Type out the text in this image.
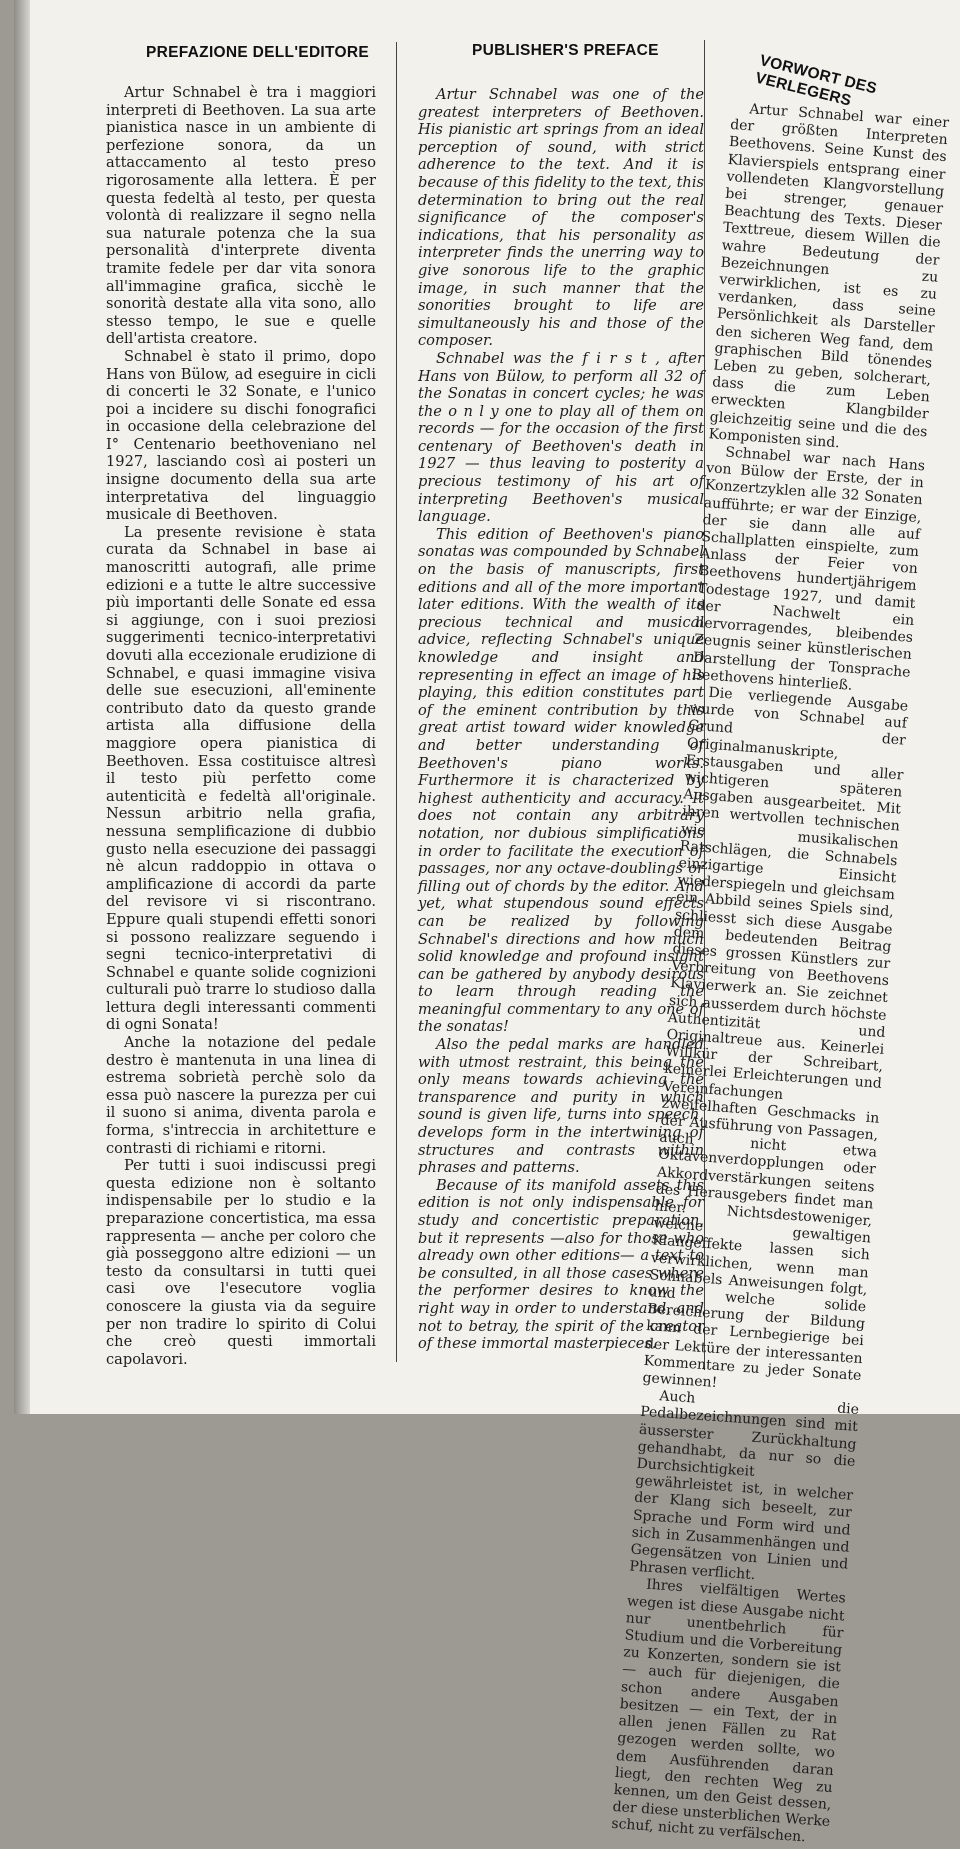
PREFAZIONE DELL'EDITORE	PUBLISHER'S PREFACE
VORWORT DES VERLEGERS

Artur Schnabel è tra i maggiori interpreti di Beethoven. La sua arte pianistica nasce in un ambiente di perfezione sonora, da un attaccamento al testo preso rigorosamente alla lettera. È per questa fedeltà al testo, per questa volontà di realizzare il segno nella sua naturale potenza che la sua personalità d'interprete diventa tramite fedele per dar vita sonora all'immagine grafica, sicchè le sonorità destate alla vita sono, allo stesso tempo, le sue e quelle dell'artista creatore.

Schnabel è stato il primo, dopo Hans von Bülow, ad eseguire in cicli di concerti le 32 Sonate, e l'unico poi a incidere su dischi fonografici in occasione della celebrazione del I° Centenario beethoveniano nel 1927, lasciando così ai posteri un insigne documento della sua arte interpretativa del linguaggio musicale di Beethoven.

La presente revisione è stata curata da Schnabel in base ai manoscritti autografi, alle prime edizioni e a tutte le altre successive più importanti delle Sonate ed essa si aggiunge, con i suoi preziosi suggerimenti tecnico-interpretativi dovuti alla eccezionale erudizione di Schnabel, e quasi immagine visiva delle sue esecuzioni, all'eminente contributo dato da questo grande artista alla diffusione della maggiore opera pianistica di Beethoven. Essa costituisce altresì il testo più perfetto come autenticità e fedeltà all'originale. Nessun arbitrio nella grafia, nessuna semplificazione di dubbio gusto nella esecuzione dei passaggi nè alcun raddoppio in ottava o amplificazione di accordi da parte del revisore vi si riscontrano. Eppure quali stupendi effetti sonori si possono realizzare seguendo i segni tecnico-interpretativi di Schnabel e quante solide cognizioni culturali può trarre lo studioso dalla lettura degli interessanti commenti di ogni Sonata!

Anche la notazione del pedale destro è mantenuta in una linea di estrema sobrietà perchè solo da essa può nascere la purezza per cui il suono si anima, diventa parola e forma, s'intreccia in architetture e contrasti di richiami e ritorni.

Per tutti i suoi indiscussi pregi questa edizione non è soltanto indispensabile per lo studio e la preparazione concertistica, ma essa rappresenta — anche per coloro che già posseggono altre edizioni — un testo da consultarsi in tutti quei casi ove l'esecutore voglia conoscere la giusta via da seguire per non tradire lo spirito di Colui che creò questi immortali capolavori.

Artur Schnabel was one of the greatest interpreters of Beethoven. His pianistic art springs from an ideal perception of sound, with strict adherence to the text. And it is because of this fidelity to the text, this determination to bring out the real significance of the composer's indications, that his personality as interpreter finds the unerring way to give sonorous life to the graphic image, in such manner that the sonorities brought to life are simultaneously his and those of the composer.

Schnabel was the f i r s t , after Hans von Bülow, to perform all 32 of the Sonatas in concert cycles; he was the o n l y one to play all of them on records — for the occasion of the first centenary of Beethoven's death in 1927 — thus leaving to posterity a precious testimony of his art of interpreting Beethoven's musical language.

This edition of Beethoven's piano sonatas was compounded by Schnabel on the basis of manuscripts, first editions and all of the more important later editions. With the wealth of its precious technical and musical advice, reflecting Schnabel's unique knowledge and insight and representing in effect an image of his playing, this edition constitutes part of the eminent contribution by this great artist toward wider knowledge and better understanding of Beethoven's piano works. Furthermore it is characterized by highest authenticity and accuracy. It does not contain any arbitrary notation, nor dubious simplifications in order to facilitate the execution of passages, nor any octave-doublings or filling out of chords by the editor. And yet, what stupendous sound effects can be realized by following Schnabel's directions and how much solid knowledge and profound insight can be gathered by anybody desirous to learn through reading the meaningful commentary to any one of the sonatas!

Also the pedal marks are handled with utmost restraint, this being the only means towards achieving the transparence and purity in which sound is given life, turns into speech, develops form in the intertwining of structures and contrasts within phrases and patterns.

Because of its manifold assets this edition is not only indispensable for study and concertistic preparation, but it represents —also for those who already own other editions— a text to be consulted, in all those cases where the performer desires to know the right way in order to understand, and not to betray, the spirit of the creator of these immortal masterpieces.

Artur Schnabel war einer der größten Interpreten Beethovens. Seine Kunst des Klavierspiels entsprang einer vollendeten Klangvorstellung bei strenger, genauer Beachtung des Texts. Dieser Texttreue, diesem Willen die wahre Bedeutung der Bezeichnungen zu verwirklichen, ist es zu verdanken, dass seine Persönlichkeit als Darsteller den sicheren Weg fand, dem graphischen Bild tönendes Leben zu geben, solcherart, dass die zum Leben erweckten Klangbilder gleichzeitig seine und die des Komponisten sind.

Schnabel war nach Hans von Bülow der Erste, der in Konzertzyklen alle 32 Sonaten aufführte; er war der Einzige, der sie dann alle auf Schallplatten einspielte, zum Anlass der Feier von Beethovens hundertjährigem Todestage 1927, und damit der Nachwelt ein hervorragendes, bleibendes Zeugnis seiner künstlerischen Darstellung der Tonsprache Beethovens hinterließ.

Die verliegende Ausgabe wurde von Schnabel auf Grund der Originalmanuskripte, Erstausgaben und aller wichtigeren späteren Ausgaben ausgearbeitet. Mit ihren wertvollen technischen wie musikalischen Ratschlägen, die Schnabels einzigartige Einsicht wiederspiegeln und gleichsam ein Abbild seines Spiels sind, schliesst sich diese Ausgabe dem bedeutenden Beitrag dieses grossen Künstlers zur Verbreitung von Beethovens Klavierwerk an. Sie zeichnet sich ausserdem durch höchste Authentizität und Originaltreue aus. Keinerlei Willkür der Schreibart, keinerlei Erleichterungen und Vereinfachungen zweifelhaften Geschmacks in der Ausführung von Passagen, auch nicht etwa Oktavenverdopplungen oder Akkordverstärkungen seitens des Herausgebers findet man hier. Nichtsdestoweniger, welche gewaltigen Klangeffekte lassen sich verwirklichen, wenn man Schnabels Anweisungen folgt, und welche solide Bereicherung der Bildung kann der Lernbegierige bei der Lektüre der interessanten Kommentare zu jeder Sonate gewinnen!

Auch die Pedalbezeichnungen sind mit äusserster Zurückhaltung gehandhabt, da nur so die Durchsichtigkeit gewährleistet ist, in welcher der Klang sich beseelt, zur Sprache und Form wird und sich in Zusammenhängen und Gegensätzen von Linien und Phrasen verflicht.

Ihres vielfältigen Wertes wegen ist diese Ausgabe nicht nur unentbehrlich für Studium und die Vorbereitung zu Konzerten, sondern sie ist — auch für diejenigen, die schon andere Ausgaben besitzen — ein Text, der in allen jenen Fällen zu Rat gezogen werden sollte, wo dem Ausführenden daran liegt, den rechten Weg zu kennen, um den Geist dessen, der diese unsterblichen Werke schuf, nicht zu verfälschen.
